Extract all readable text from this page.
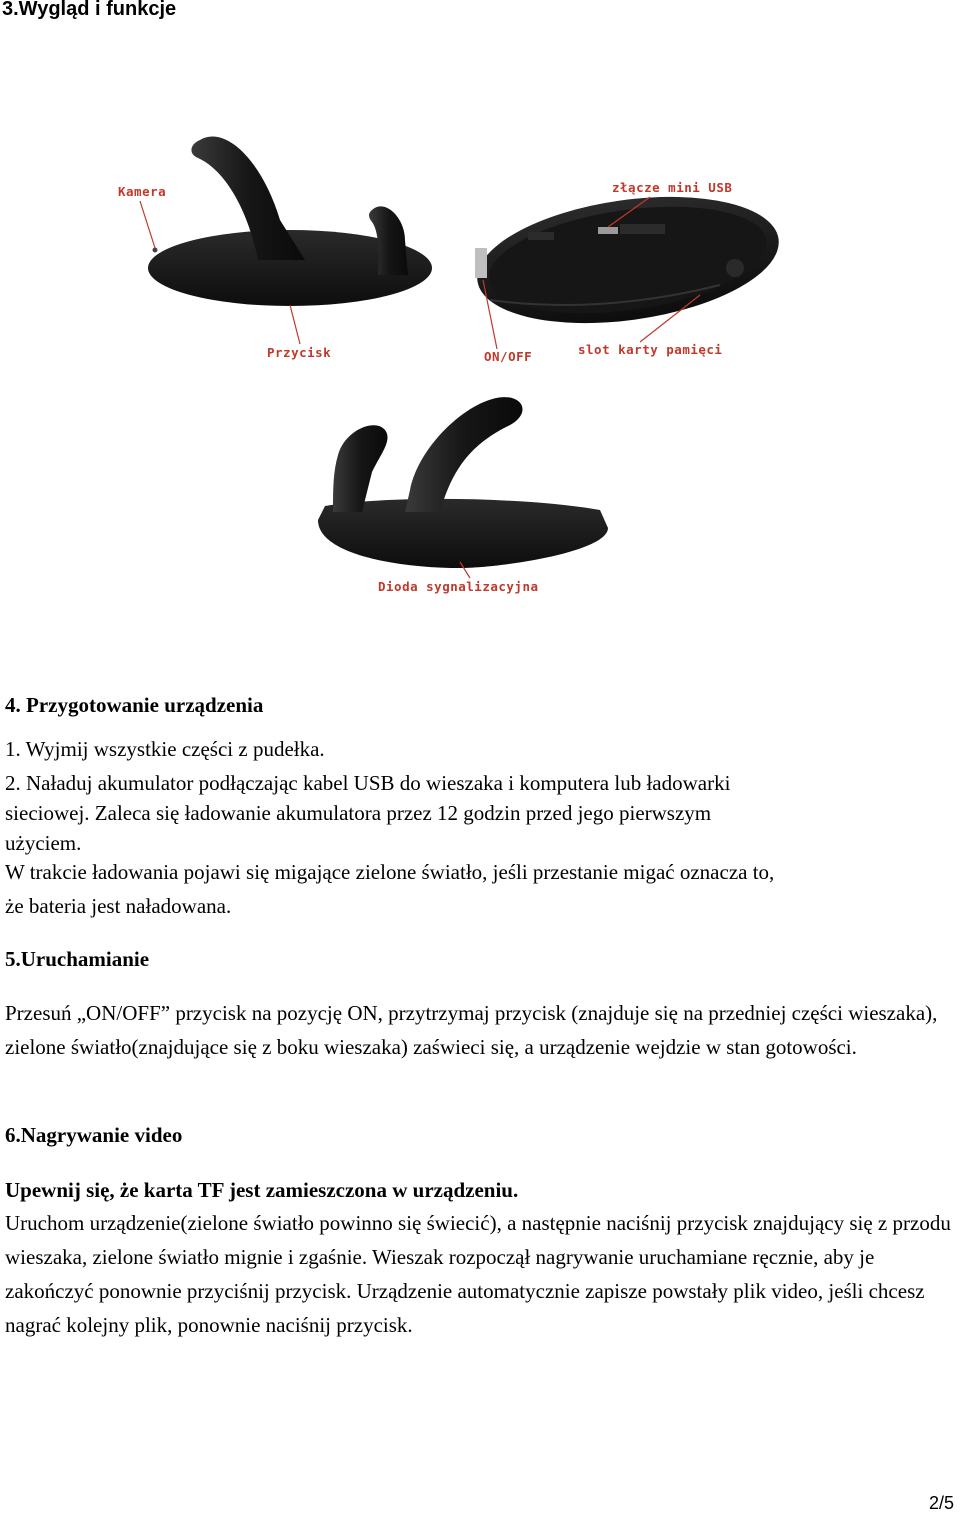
3.Wygląd i funkcje
Kamera	złącze mini USB
Przycisk	ON/OFF	slot karty pamięci
Dioda sygnalizacyjna
4. Przygotowanie urządzenia

1. Wyjmij wszystkie części z pudełka.

2. Naładuj akumulator podłączając kabel USB do wieszaka i komputera lub ładowarki

sieciowej. Zaleca się ładowanie akumulatora przez 12 godzin przed jego pierwszym

użyciem.

W trakcie ładowania pojawi się migające zielone światło, jeśli przestanie migać oznacza to,

że bateria jest naładowana.

5.Uruchamianie

Przesuń „ON/OFF” przycisk na pozycję ON, przytrzymaj przycisk (znajduje się na przedniej części wieszaka), zielone światło(znajdujące się z boku wieszaka) zaświeci się, a urządzenie wejdzie w stan gotowości.

6.Nagrywanie video

Upewnij się, że karta TF jest zamieszczona w urządzeniu.

Uruchom urządzenie(zielone światło powinno się świecić), a następnie naciśnij przycisk znajdujący się z przodu wieszaka, zielone światło mignie i zgaśnie. Wieszak rozpoczął nagrywanie uruchamiane ręcznie, aby je zakończyć ponownie przyciśnij przycisk. Urządzenie automatycznie zapisze powstały plik video, jeśli chcesz nagrać kolejny plik, ponownie naciśnij przycisk.

2/5
